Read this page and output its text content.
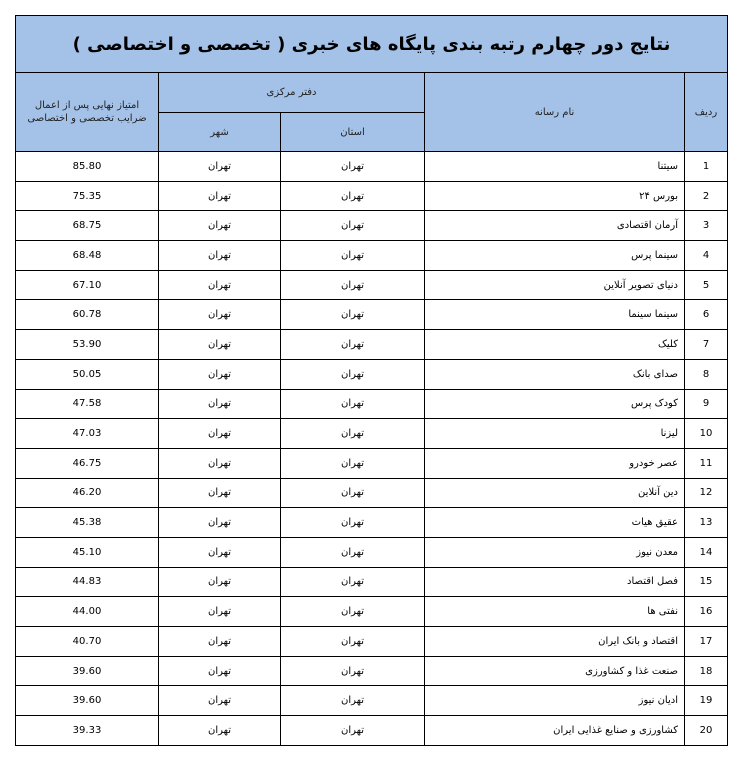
نتایج دور چهارم رتبه بندی پایگاه های خبری ( تخصصی و اختصاصی )				
امتیاز نهایی پس از اعمال ضرایب تخصصی و اختصاصی	دفتر مرکزی		نام رسانه	ردیف
	شهر	استان		
85.80	تهران	تهران	سیتنا	1
75.35	تهران	تهران	بورس ۲۴	2
68.75	تهران	تهران	آرمان اقتصادی	3
68.48	تهران	تهران	سینما پرس	4
67.10	تهران	تهران	دنیای تصویر آنلاین	5
60.78	تهران	تهران	سینما سینما	6
53.90	تهران	تهران	کلیک	7
50.05	تهران	تهران	صدای بانک	8
47.58	تهران	تهران	کودک پرس	9
47.03	تهران	تهران	لیزنا	10
46.75	تهران	تهران	عصر خودرو	11
46.20	تهران	تهران	دین آنلاین	12
45.38	تهران	تهران	عقیق هیات	13
45.10	تهران	تهران	معدن نیوز	14
44.83	تهران	تهران	فصل اقتصاد	15
44.00	تهران	تهران	نفتی ها	16
40.70	تهران	تهران	اقتصاد و بانک ایران	17
39.60	تهران	تهران	صنعت غذا و کشاورزی	18
39.60	تهران	تهران	ادیان نیوز	19
39.33	تهران	تهران	کشاورزی و صنایع غذایی ایران	20
